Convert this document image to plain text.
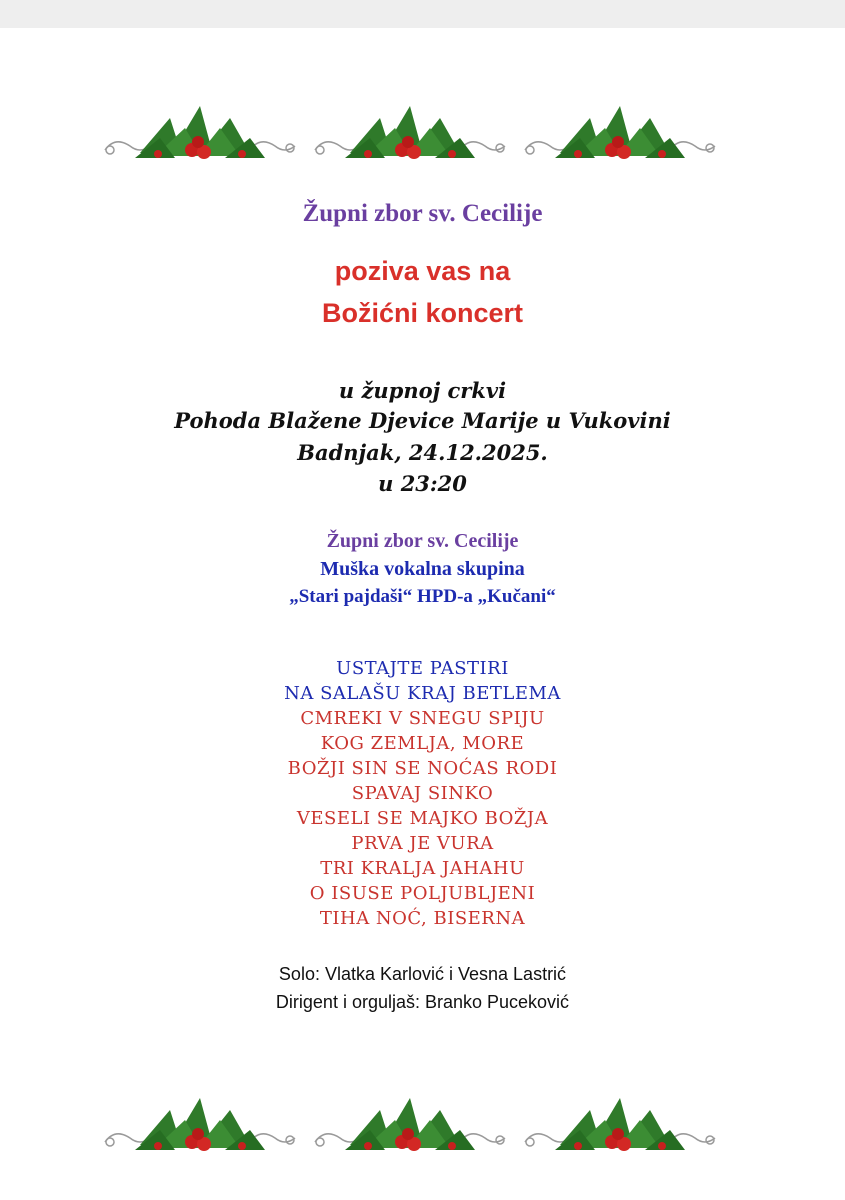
Župni zbor sv. Cecilije
poziva vas na
Božićni koncert
u župnoj crkvi
Pohoda Blažene Djevice Marije u Vukovini
Badnjak, 24.12.2025.
u 23:20
Župni zbor sv. Cecilije
Muška vokalna skupina
„Stari pajdaši“ HPD-a „Kučani“
USTAJTE PASTIRI
NA SALAŠU KRAJ BETLEMA
CMREKI V SNEGU SPIJU
KOG ZEMLJA, MORE
BOŽJI SIN SE NOĆAS RODI
SPAVAJ SINKO
VESELI SE MAJKO BOŽJA
PRVA JE VURA
TRI KRALJA JAHAHU
O ISUSE POLJUBLJENI
TIHA NOĆ, BISERNA
Solo: Vlatka Karlović i Vesna Lastrić
Dirigent i orguljaš: Branko Puceković
